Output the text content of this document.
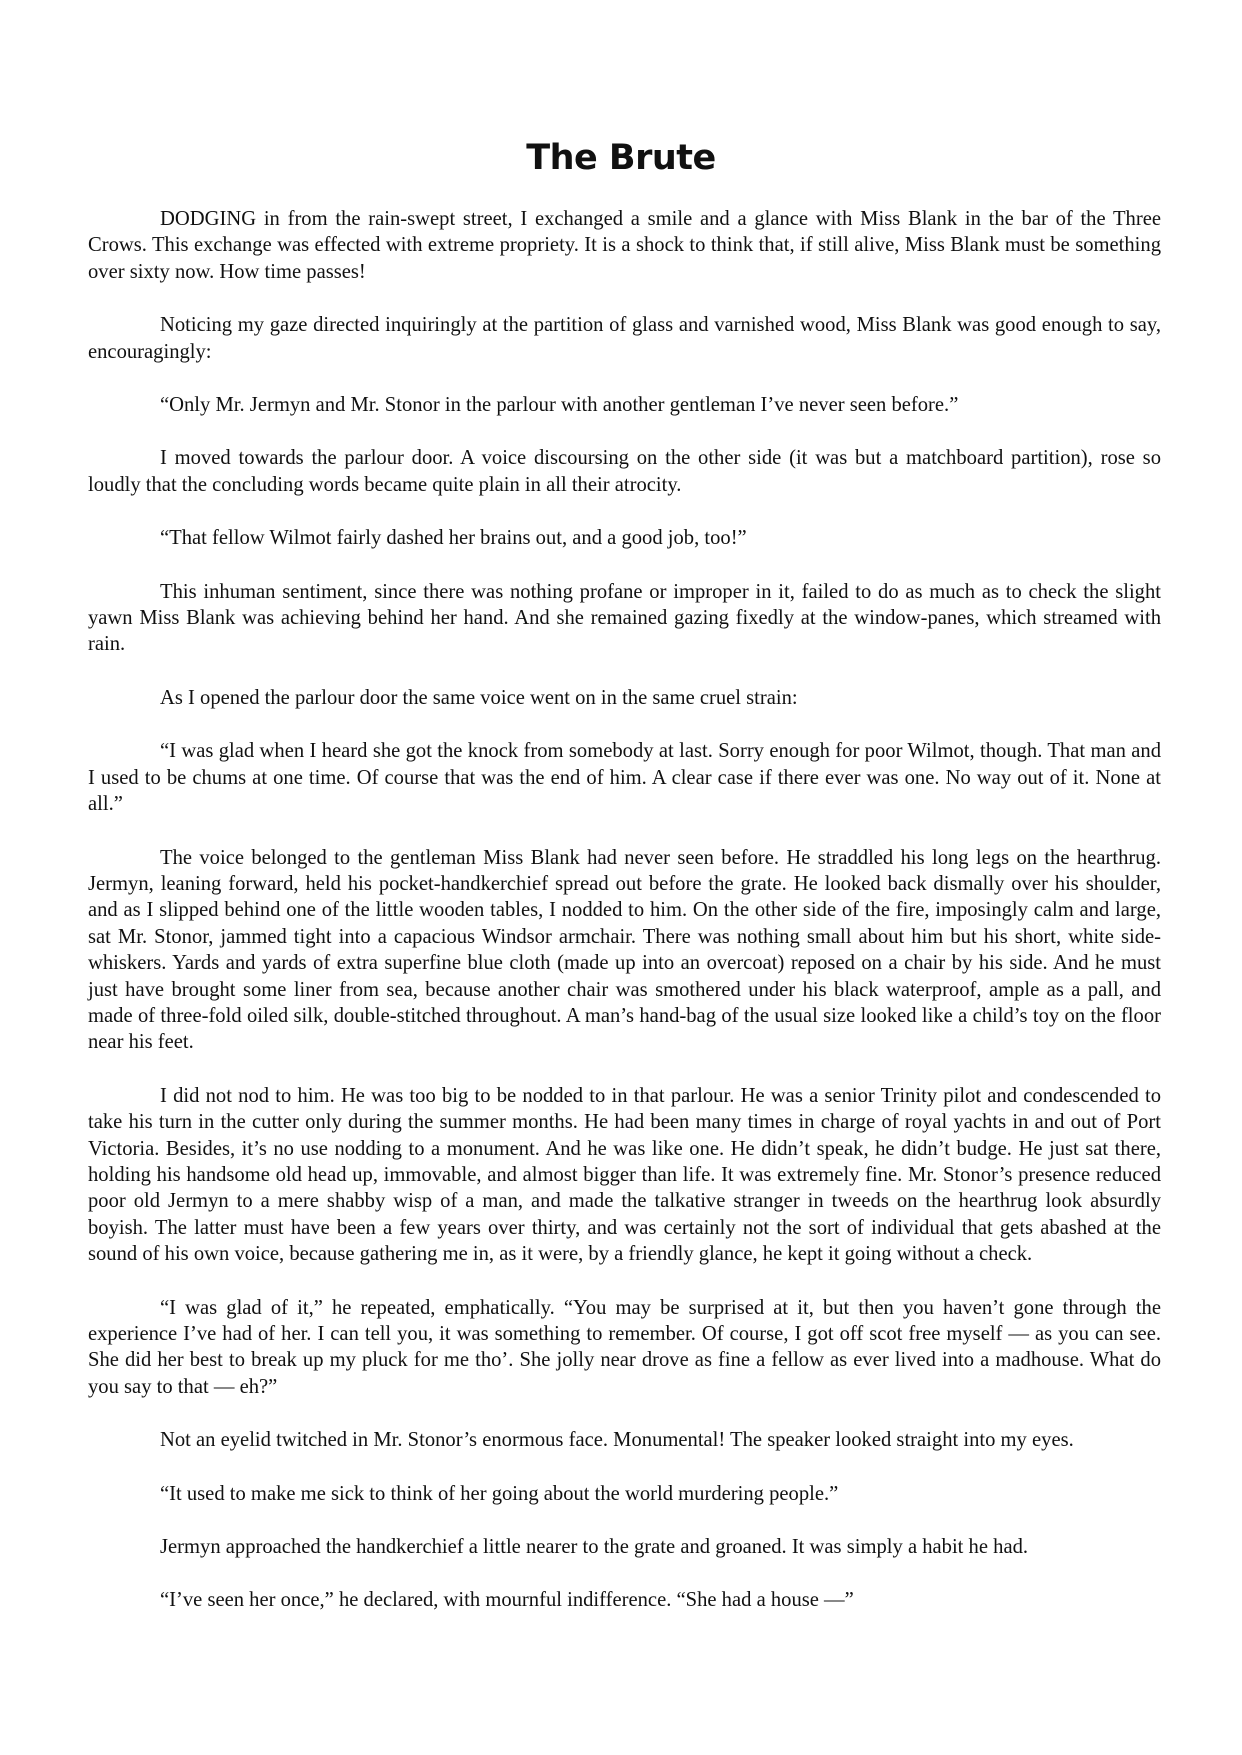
The Brute

DODGING in from the rain-swept street, I exchanged a smile and a glance with Miss Blank in the bar of the Three Crows. This exchange was effected with extreme propriety. It is a shock to think that, if still alive, Miss Blank must be something over sixty now. How time passes!

Noticing my gaze directed inquiringly at the partition of glass and varnished wood, Miss Blank was good enough to say, encouragingly:

“Only Mr. Jermyn and Mr. Stonor in the parlour with another gentleman I’ve never seen before.”

I moved towards the parlour door. A voice discoursing on the other side (it was but a matchboard partition), rose so loudly that the concluding words became quite plain in all their atrocity.

“That fellow Wilmot fairly dashed her brains out, and a good job, too!”

This inhuman sentiment, since there was nothing profane or improper in it, failed to do as much as to check the slight yawn Miss Blank was achieving behind her hand. And she remained gazing fixedly at the window-panes, which streamed with rain.

As I opened the parlour door the same voice went on in the same cruel strain:

“I was glad when I heard she got the knock from somebody at last. Sorry enough for poor Wilmot, though. That man and I used to be chums at one time. Of course that was the end of him. A clear case if there ever was one. No way out of it. None at all.”

The voice belonged to the gentleman Miss Blank had never seen before. He straddled his long legs on the hearthrug. Jermyn, leaning forward, held his pocket-handkerchief spread out before the grate. He looked back dismally over his shoulder, and as I slipped behind one of the little wooden tables, I nodded to him. On the other side of the fire, imposingly calm and large, sat Mr. Stonor, jammed tight into a capacious Windsor armchair. There was nothing small about him but his short, white side-whiskers. Yards and yards of extra superfine blue cloth (made up into an overcoat) reposed on a chair by his side. And he must just have brought some liner from sea, because another chair was smothered under his black waterproof, ample as a pall, and made of three-fold oiled silk, double-stitched throughout. A man’s hand-bag of the usual size looked like a child’s toy on the floor near his feet.

I did not nod to him. He was too big to be nodded to in that parlour. He was a senior Trinity pilot and condescended to take his turn in the cutter only during the summer months. He had been many times in charge of royal yachts in and out of Port Victoria. Besides, it’s no use nodding to a monument. And he was like one. He didn’t speak, he didn’t budge. He just sat there, holding his handsome old head up, immovable, and almost bigger than life. It was extremely fine. Mr. Stonor’s presence reduced poor old Jermyn to a mere shabby wisp of a man, and made the talkative stranger in tweeds on the hearthrug look absurdly boyish. The latter must have been a few years over thirty, and was certainly not the sort of individual that gets abashed at the sound of his own voice, because gathering me in, as it were, by a friendly glance, he kept it going without a check.

“I was glad of it,” he repeated, emphatically. “You may be surprised at it, but then you haven’t gone through the experience I’ve had of her. I can tell you, it was something to remember. Of course, I got off scot free myself — as you can see. She did her best to break up my pluck for me tho’. She jolly near drove as fine a fellow as ever lived into a madhouse. What do you say to that — eh?”

Not an eyelid twitched in Mr. Stonor’s enormous face. Monumental! The speaker looked straight into my eyes.

“It used to make me sick to think of her going about the world murdering people.”

Jermyn approached the handkerchief a little nearer to the grate and groaned. It was simply a habit he had.

“I’ve seen her once,” he declared, with mournful indifference. “She had a house —”
